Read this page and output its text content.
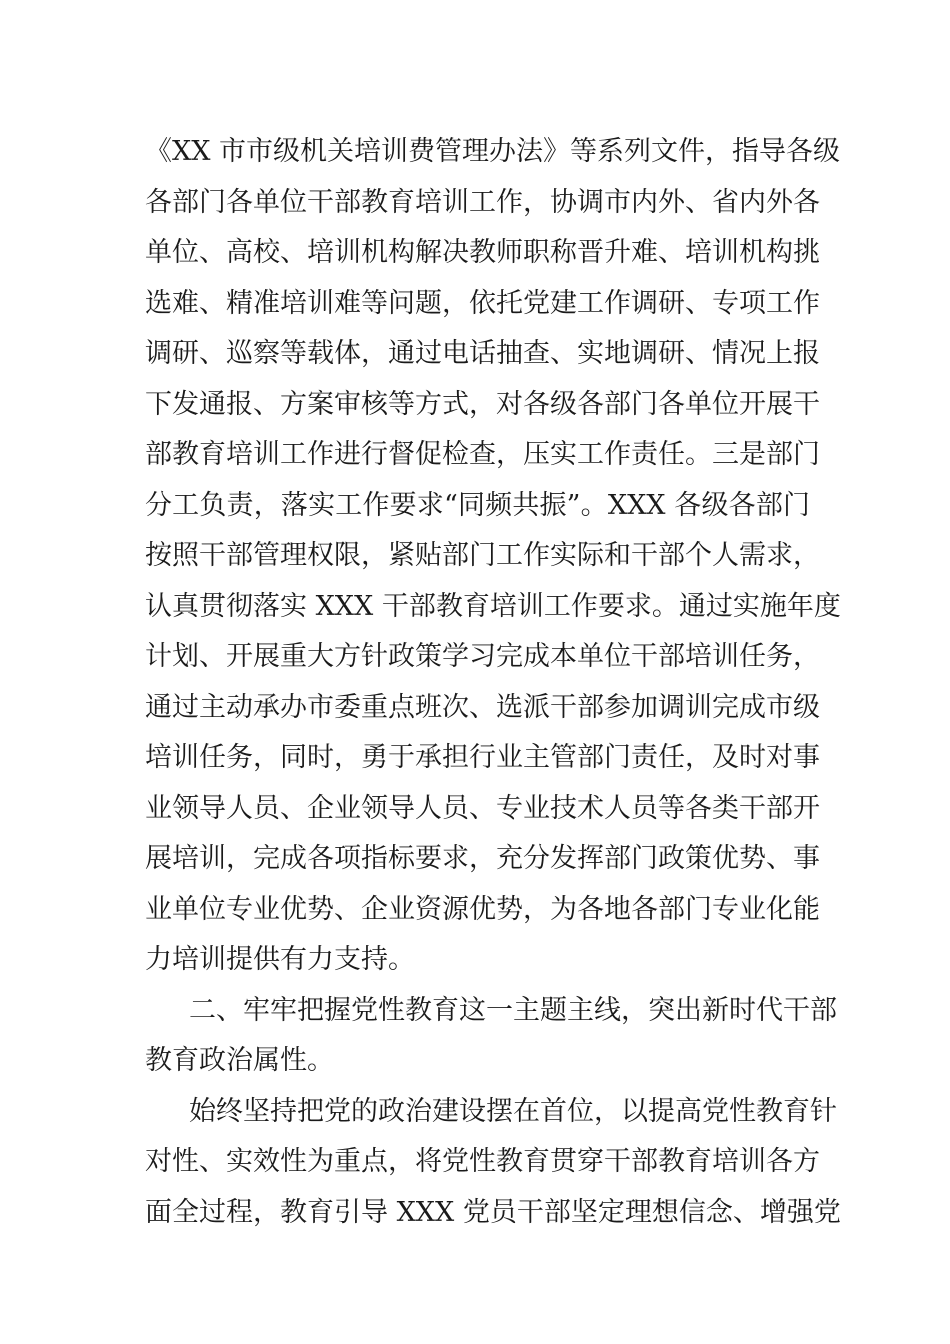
《XX 市市级机关培训费管理办法》等系列文件，指导各级
各部门各单位干部教育培训工作，协调市内外、省内外各
单位、高校、培训机构解决教师职称晋升难、培训机构挑
选难、精准培训难等问题，依托党建工作调研、专项工作
调研、巡察等载体，通过电话抽查、实地调研、情况上报
下发通报、方案审核等方式，对各级各部门各单位开展干
部教育培训工作进行督促检查，压实工作责任。三是部门
分工负责，落实工作要求“同频共振”。XXX 各级各部门
按照干部管理权限，紧贴部门工作实际和干部个人需求，
认真贯彻落实 XXX 干部教育培训工作要求。通过实施年度
计划、开展重大方针政策学习完成本单位干部培训任务，
通过主动承办市委重点班次、选派干部参加调训完成市级
培训任务，同时，勇于承担行业主管部门责任，及时对事
业领导人员、企业领导人员、专业技术人员等各类干部开
展培训，完成各项指标要求，充分发挥部门政策优势、事
业单位专业优势、企业资源优势，为各地各部门专业化能
力培训提供有力支持。
二、牢牢把握党性教育这一主题主线，突出新时代干部
教育政治属性。
始终坚持把党的政治建设摆在首位，以提高党性教育针
对性、实效性为重点，将党性教育贯穿干部教育培训各方
面全过程，教育引导 XXX 党员干部坚定理想信念、增强党
